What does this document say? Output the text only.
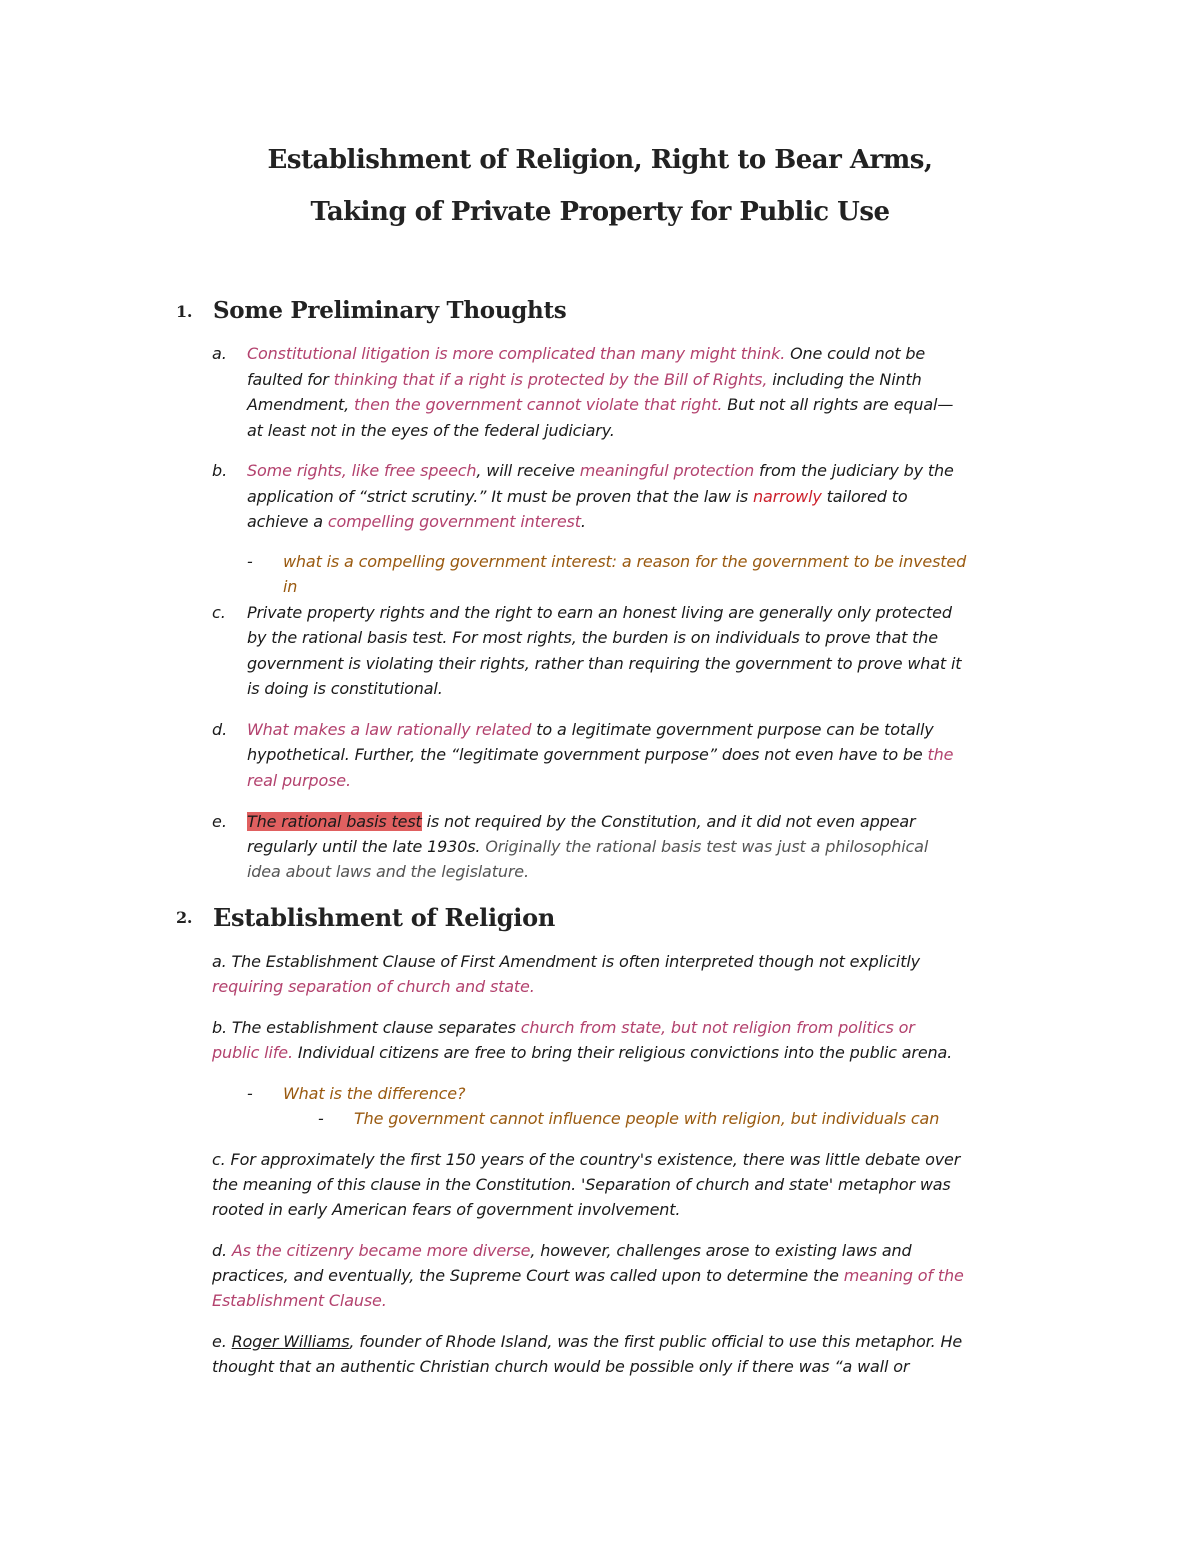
Establishment of Religion, Right to Bear Arms,
Taking of Private Property for Public Use
1. Some Preliminary Thoughts
a. Constitutional litigation is more complicated than many might think. One could not be
faulted for thinking that if a right is protected by the Bill of Rights, including the Ninth
Amendment, then the government cannot violate that right. But not all rights are equal—
at least not in the eyes of the federal judiciary.
b. Some rights, like free speech, will receive meaningful protection from the judiciary by the
application of “strict scrutiny.” It must be proven that the law is narrowly tailored to
achieve a compelling government interest.
- what is a compelling government interest: a reason for the government to be invested
in
c. Private property rights and the right to earn an honest living are generally only protected
by the rational basis test. For most rights, the burden is on individuals to prove that the
government is violating their rights, rather than requiring the government to prove what it
is doing is constitutional.
d. What makes a law rationally related to a legitimate government purpose can be totally
hypothetical. Further, the “legitimate government purpose” does not even have to be the
real purpose.
e. The rational basis test is not required by the Constitution, and it did not even appear
regularly until the late 1930s. Originally the rational basis test was just a philosophical
idea about laws and the legislature.
2. Establishment of Religion
a. The Establishment Clause of First Amendment is often interpreted though not explicitly
requiring separation of church and state.
b. The establishment clause separates church from state, but not religion from politics or
public life. Individual citizens are free to bring their religious convictions into the public arena.
- What is the difference?
- The government cannot influence people with religion, but individuals can
c. For approximately the first 150 years of the country's existence, there was little debate over
the meaning of this clause in the Constitution. 'Separation of church and state' metaphor was
rooted in early American fears of government involvement.
d. As the citizenry became more diverse, however, challenges arose to existing laws and
practices, and eventually, the Supreme Court was called upon to determine the meaning of the
Establishment Clause.
e. Roger Williams, founder of Rhode Island, was the first public official to use this metaphor. He
thought that an authentic Christian church would be possible only if there was “a wall or
